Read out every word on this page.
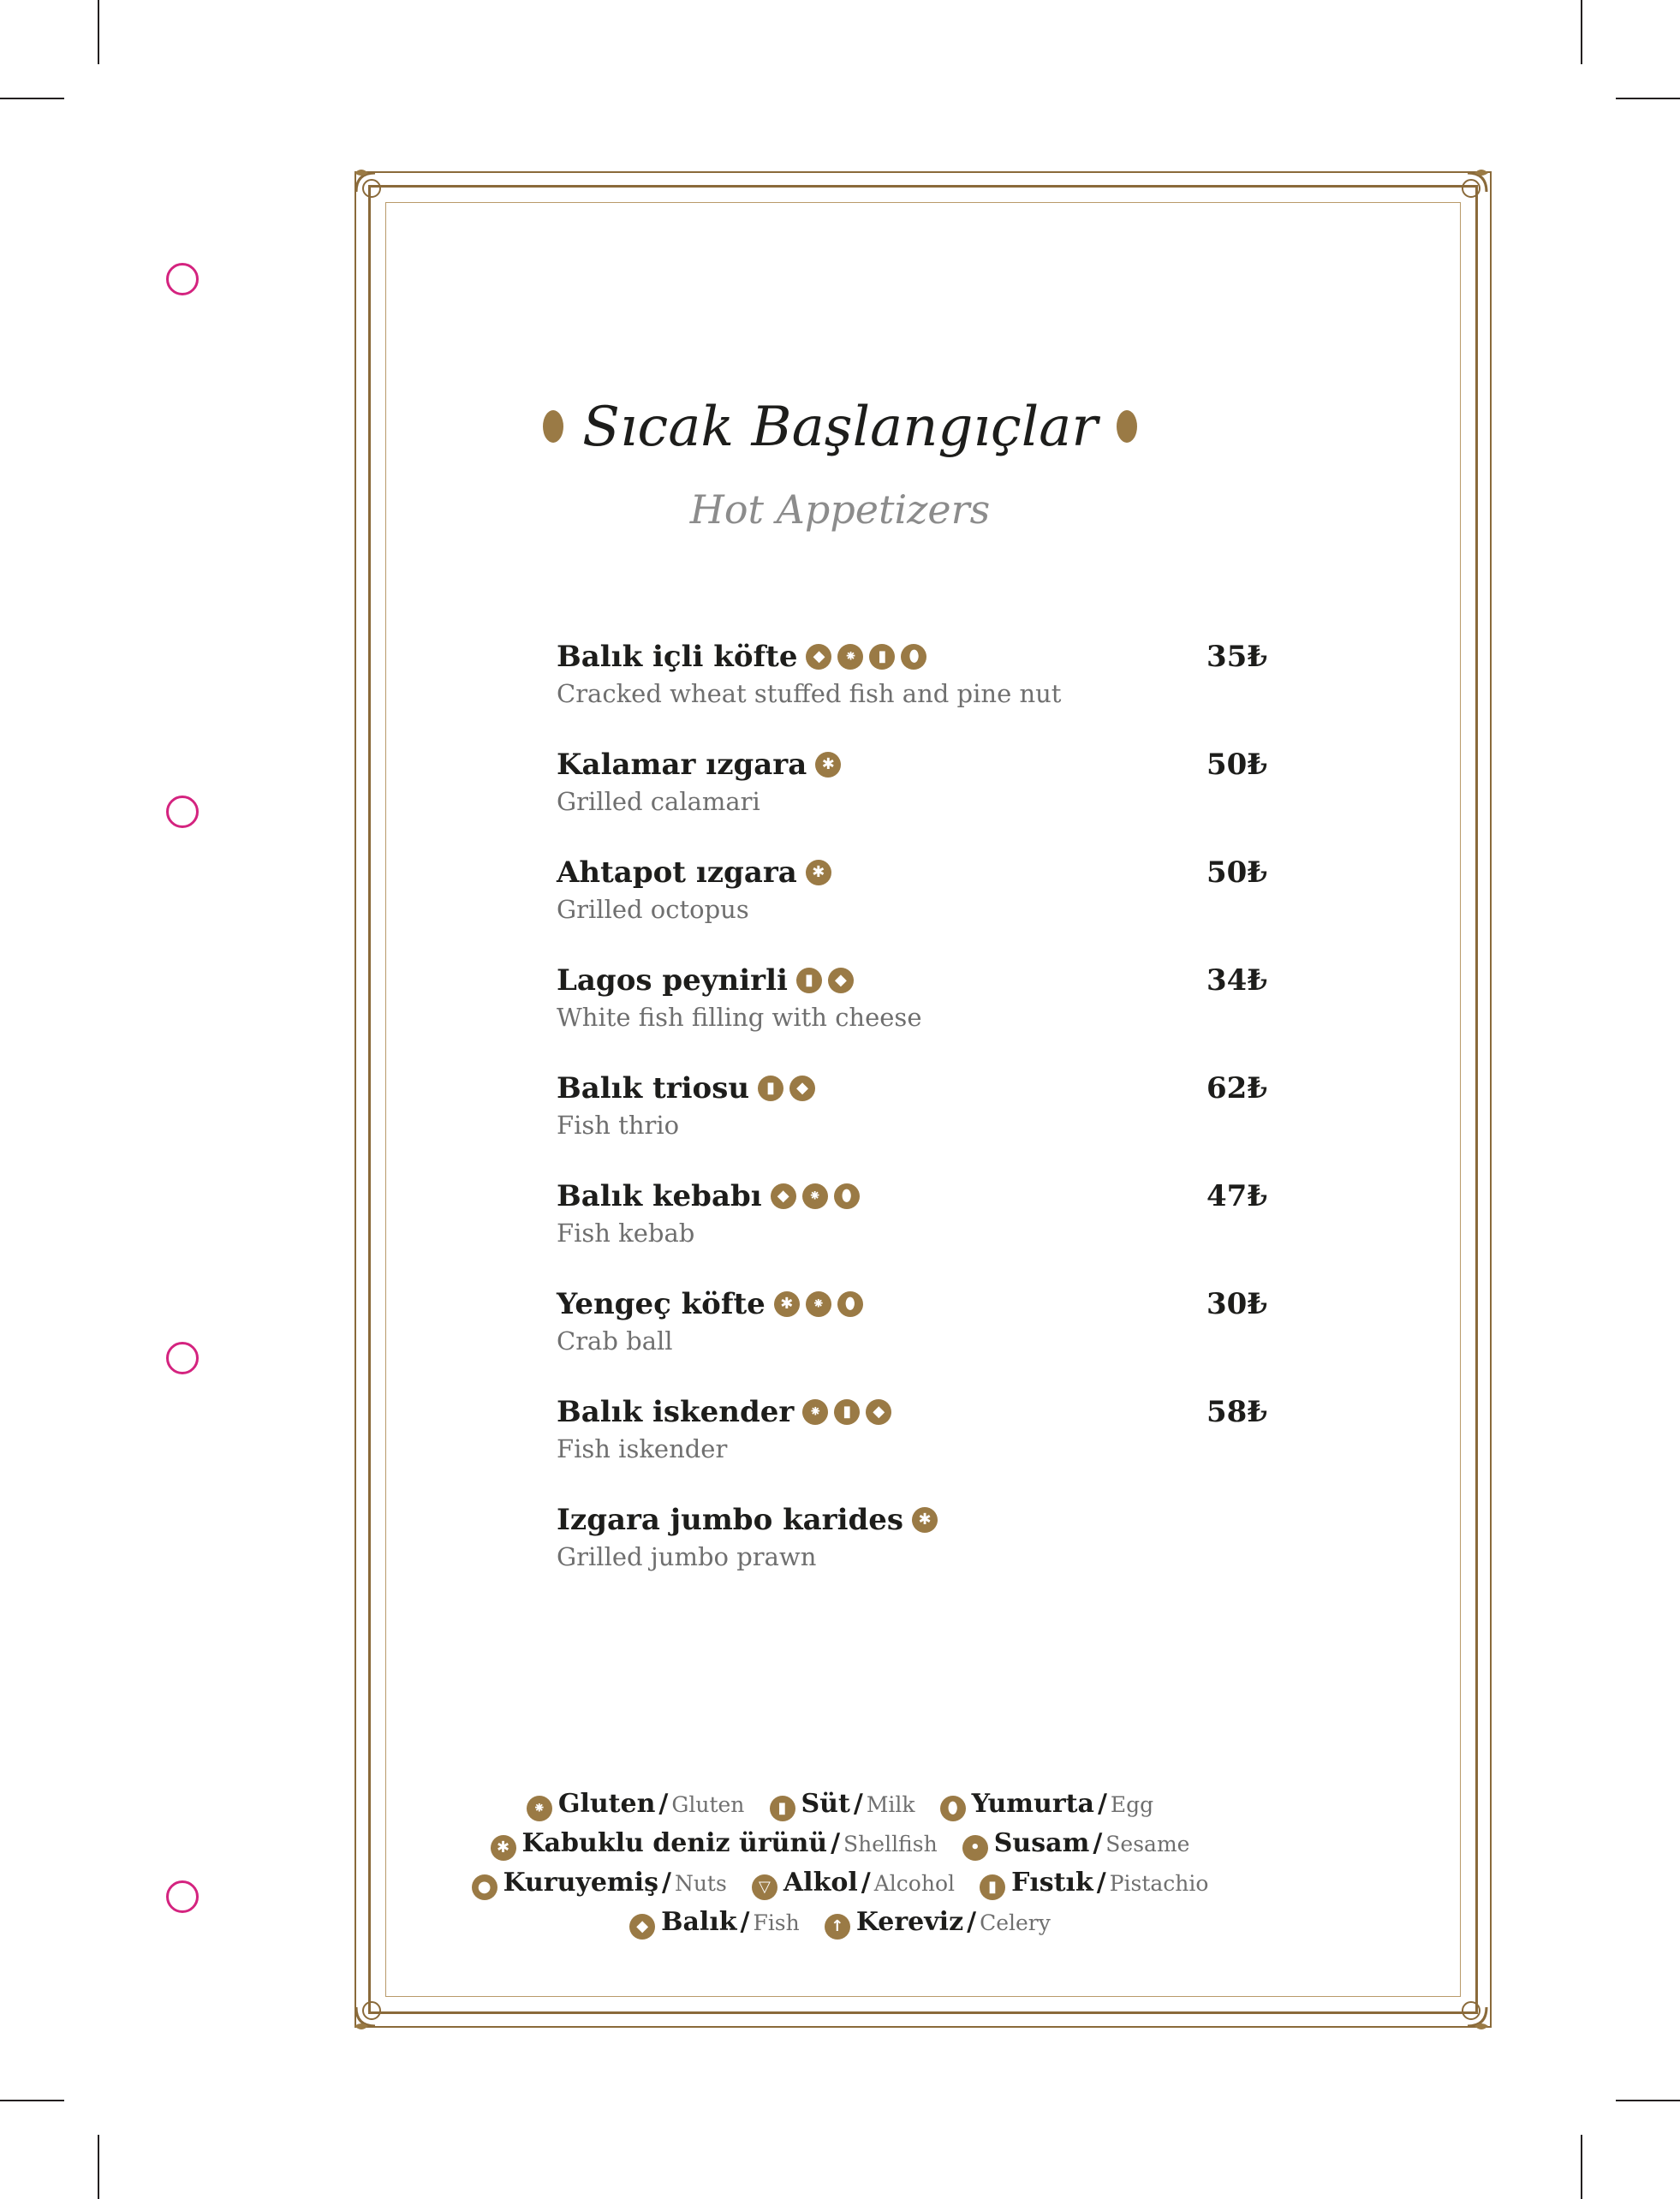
Sıcak Başlangıçlar
Hot Appetizers
Balık içli köfte ◆ ⁕ ▮ ⬮
Cracked wheat stuffed fish and pine nut
35₺
Kalamar ızgara ✱
Grilled calamari
50₺
Ahtapot ızgara ✱
Grilled octopus
50₺
Lagos peynirli ▮ ◆
White fish filling with cheese
34₺
Balık triosu ▮ ◆
Fish thrio
62₺
Balık kebabı ◆ ⁕ ⬮
Fish kebab
47₺
Yengeç köfte ✱ ⁕ ⬮
Crab ball
30₺
Balık iskender ⁕ ▮ ◆
Fish iskender
58₺
Izgara jumbo karides ✱
Grilled jumbo prawn
⁕ Gluten / Gluten ▮ Süt / Milk ⬮ Yumurta / Egg
✱ Kabuklu deniz ürünü / Shellfish • Susam / Sesame
● Kuruyemiş / Nuts ▽ Alkol / Alcohol ▮ Fıstık / Pistachio
◆ Balık / Fish ↑ Kereviz / Celery
